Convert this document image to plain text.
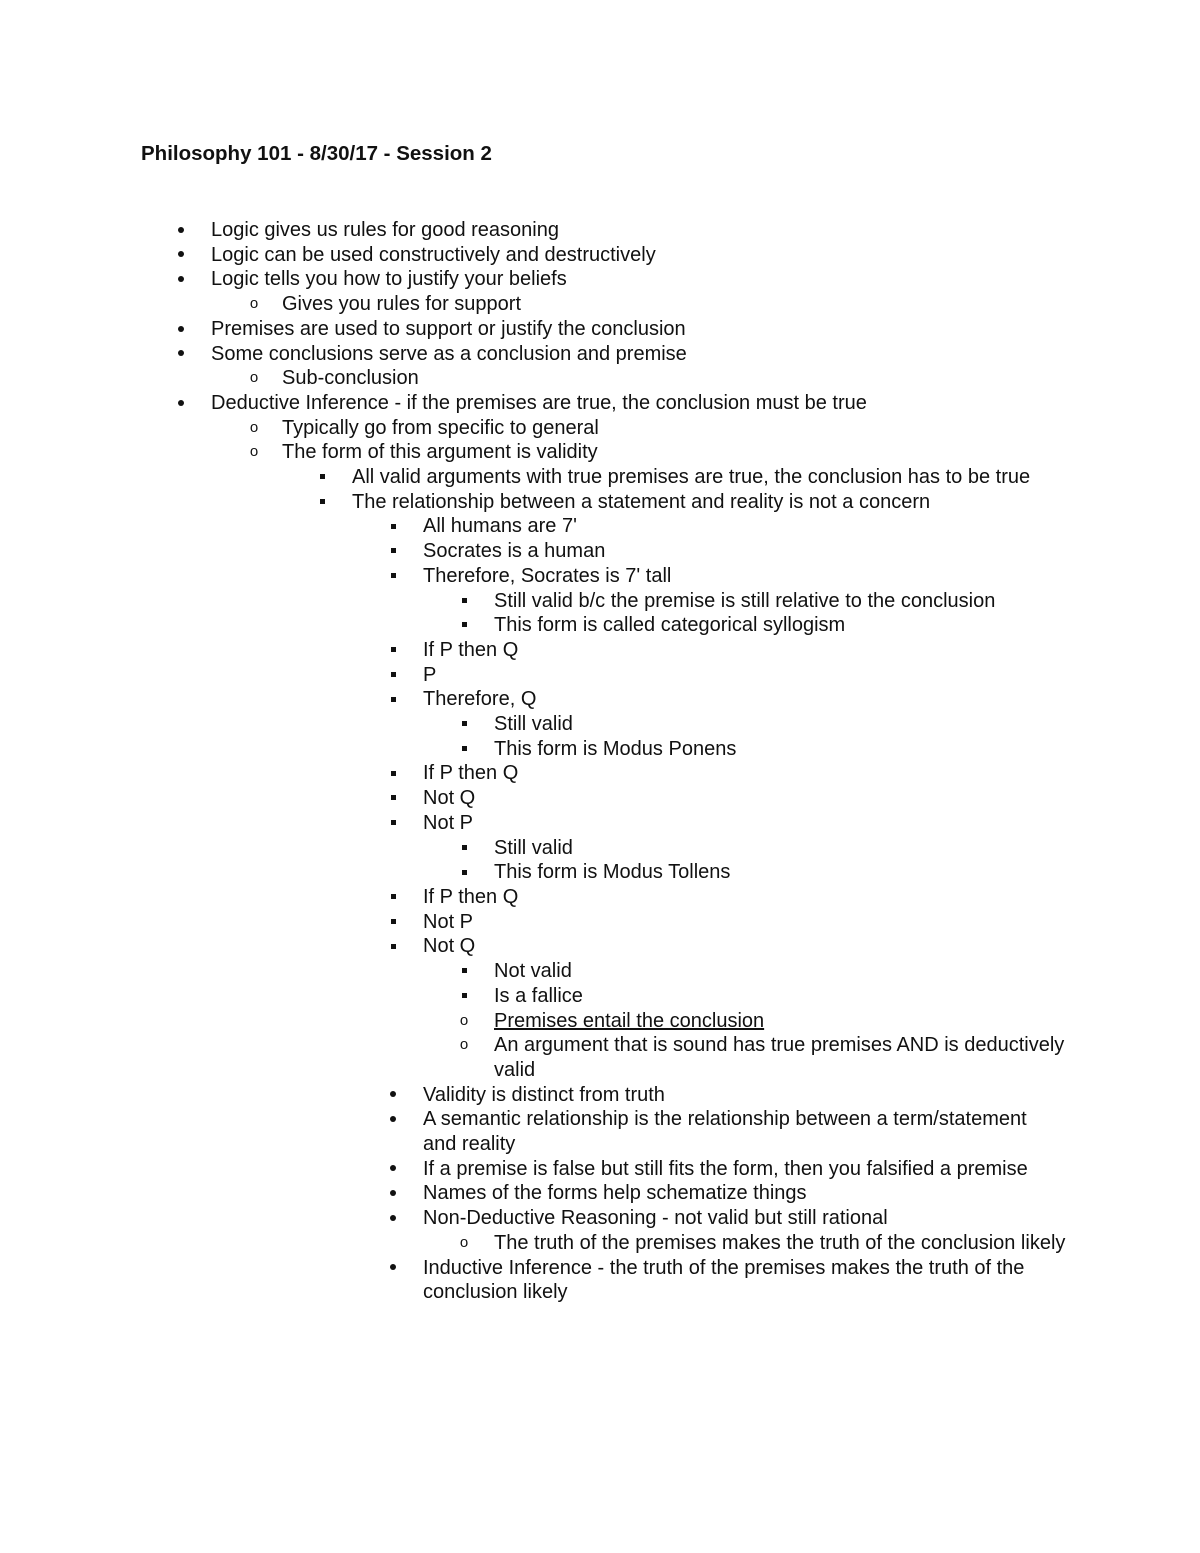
Philosophy 101 - 8/30/17 - Session 2
Logic gives us rules for good reasoning
Logic can be used constructively and destructively
Logic tells you how to justify your beliefs
o Gives you rules for support
Premises are used to support or justify the conclusion
Some conclusions serve as a conclusion and premise
o Sub-conclusion
Deductive Inference - if the premises are true, the conclusion must be true
o Typically go from specific to general
o The form of this argument is validity
All valid arguments with true premises are true, the conclusion has to be true
The relationship between a statement and reality is not a concern
All humans are 7'
Socrates is a human
Therefore, Socrates is 7' tall
Still valid b/c the premise is still relative to the conclusion
This form is called categorical syllogism
If P then Q
P
Therefore, Q
Still valid
This form is Modus Ponens
If P then Q
Not Q
Not P
Still valid
This form is Modus Tollens
If P then Q
Not P
Not Q
Not valid
Is a fallice
o Premises entail the conclusion
o An argument that is sound has true premises AND is deductively valid
Validity is distinct from truth
A semantic relationship is the relationship between a term/statement and reality
If a premise is false but still fits the form, then you falsified a premise
Names of the forms help schematize things
Non-Deductive Reasoning - not valid but still rational
o The truth of the premises makes the truth of the conclusion likely
Inductive Inference - the truth of the premises makes the truth of the conclusion likely
